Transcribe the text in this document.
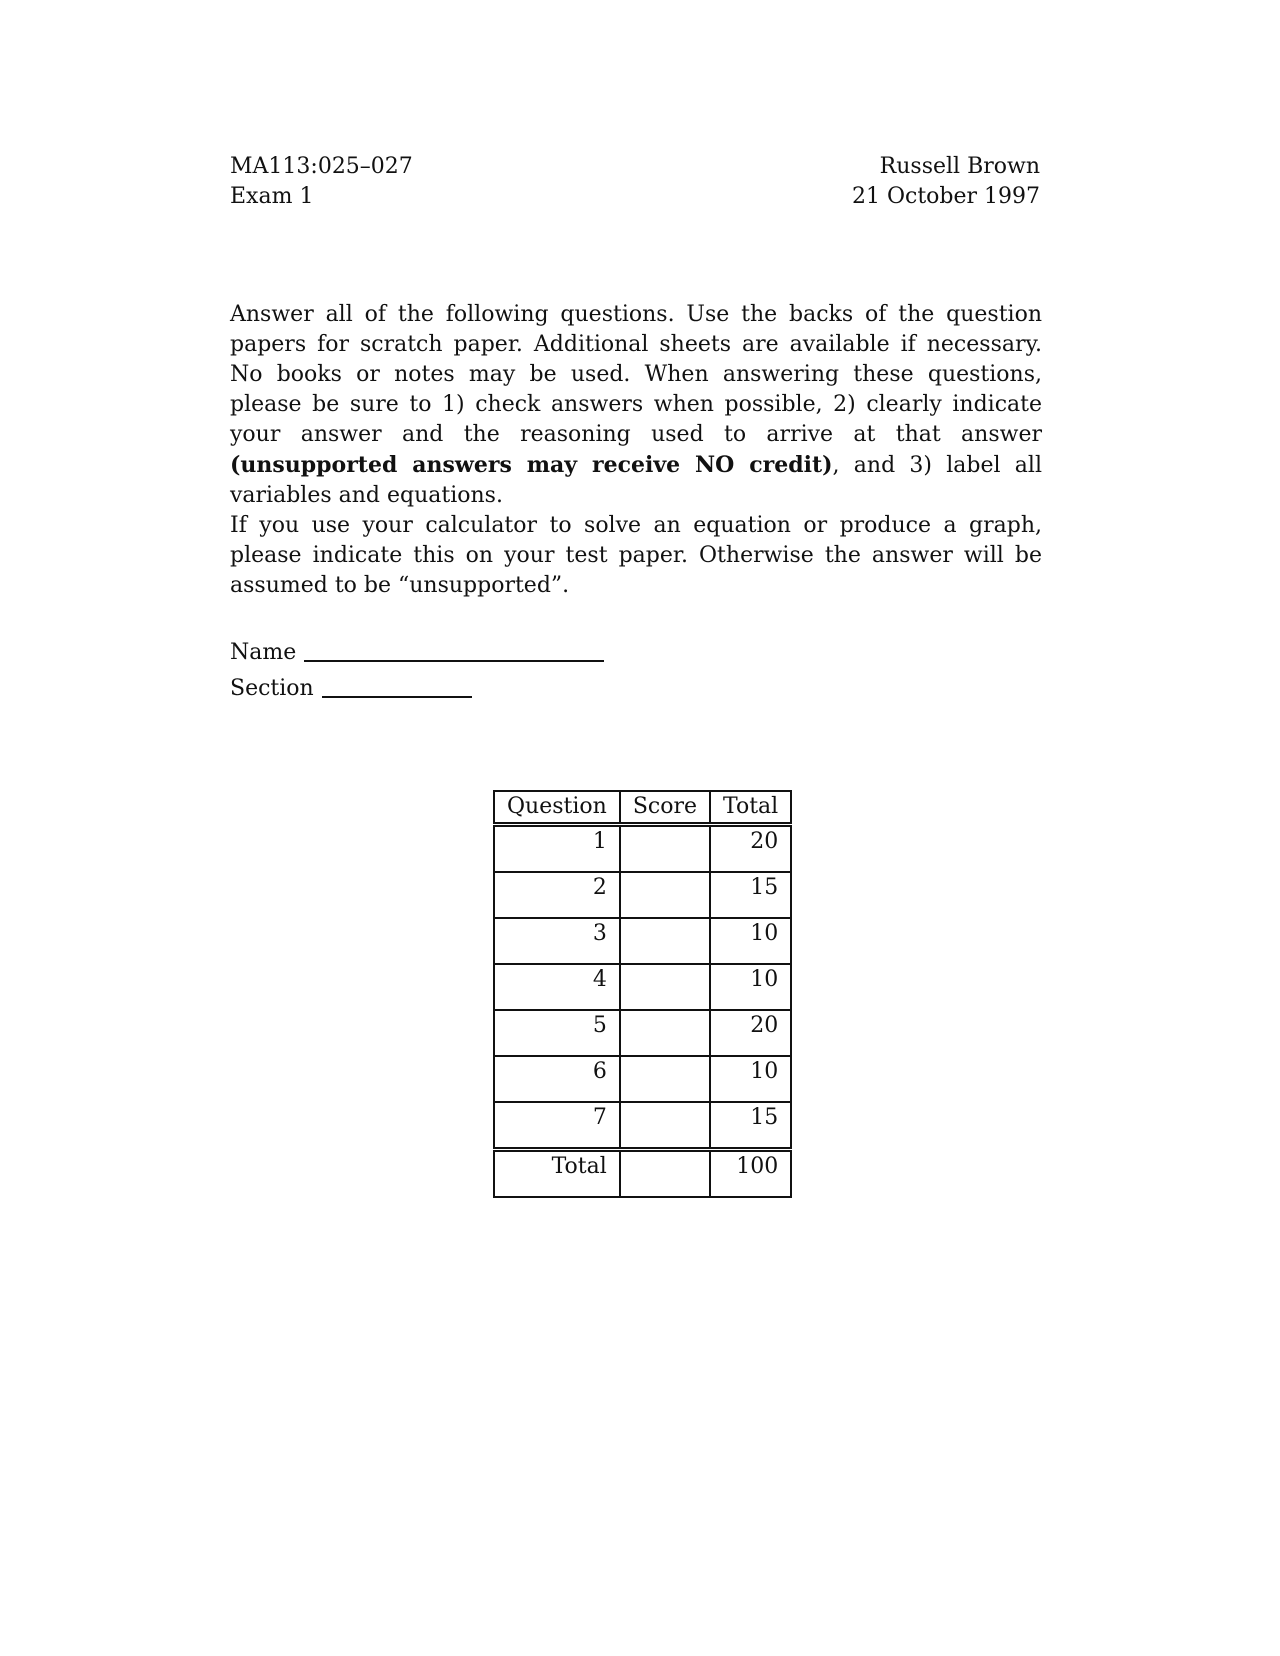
MA113:025–027
Exam 1
Russell Brown
21 October 1997

Answer all of the following questions. Use the backs of the question papers for scratch paper. Additional sheets are available if necessary. No books or notes may be used. When answering these questions, please be sure to 1) check answers when possible, 2) clearly indicate your answer and the reasoning used to arrive at that answer (unsupported answers may receive NO credit), and 3) label all variables and equations.

If you use your calculator to solve an equation or produce a graph, please indicate this on your test paper. Otherwise the answer will be assumed to be “unsupported”.

Name
Section
Question	Score	Total
1		20
2		15
3		10
4		10
5		20
6		10
7		15
Total		100
